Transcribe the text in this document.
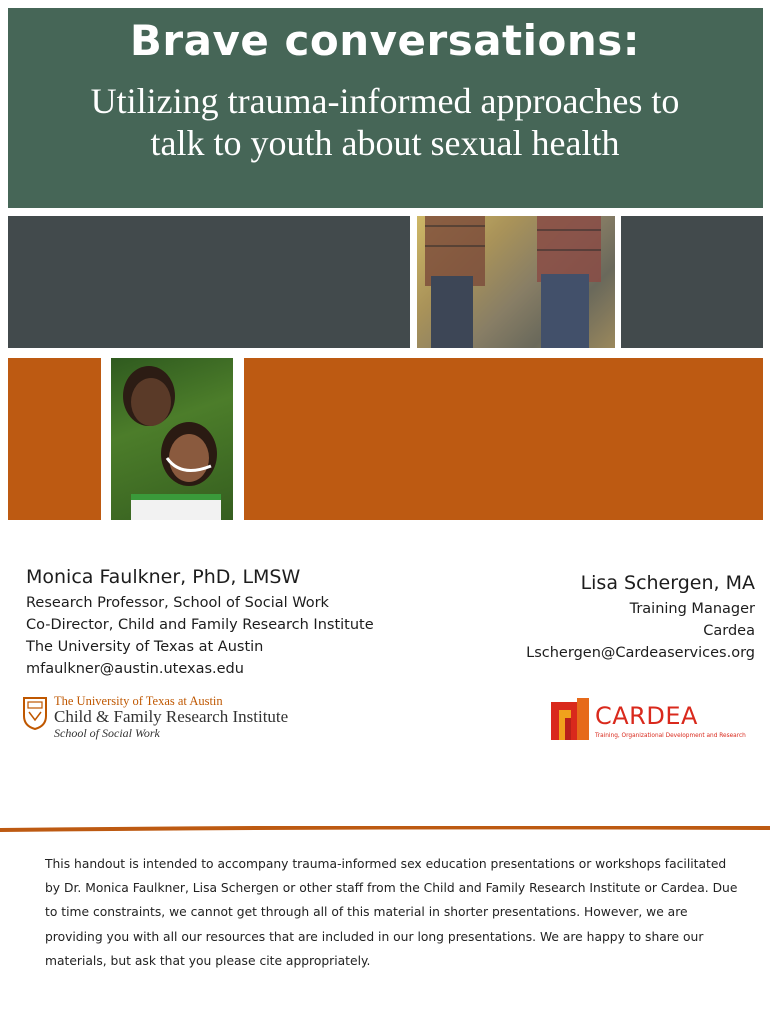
Brave conversations:
Utilizing trauma-informed approaches to
talk to youth about sexual health
Monica Faulkner, PhD, LMSW
Research Professor, School of Social Work
Co-Director, Child and Family Research Institute
The University of Texas at Austin
mfaulkner@austin.utexas.edu
Lisa Schergen, MA
Training Manager
Cardea
Lschergen@Cardeaservices.org
The University of Texas at Austin
Child & Family Research Institute
School of Social Work
CARDEA
Training, Organizational Development and Research
This handout is intended to accompany trauma-informed sex education presentations or workshops facilitated by Dr. Monica Faulkner, Lisa Schergen or other staff from the Child and Family Research Institute or Cardea. Due to time constraints, we cannot get through all of this material in shorter presentations. However, we are providing you with all our resources that are included in our long presentations. We are happy to share our materials, but ask that you please cite appropriately.
